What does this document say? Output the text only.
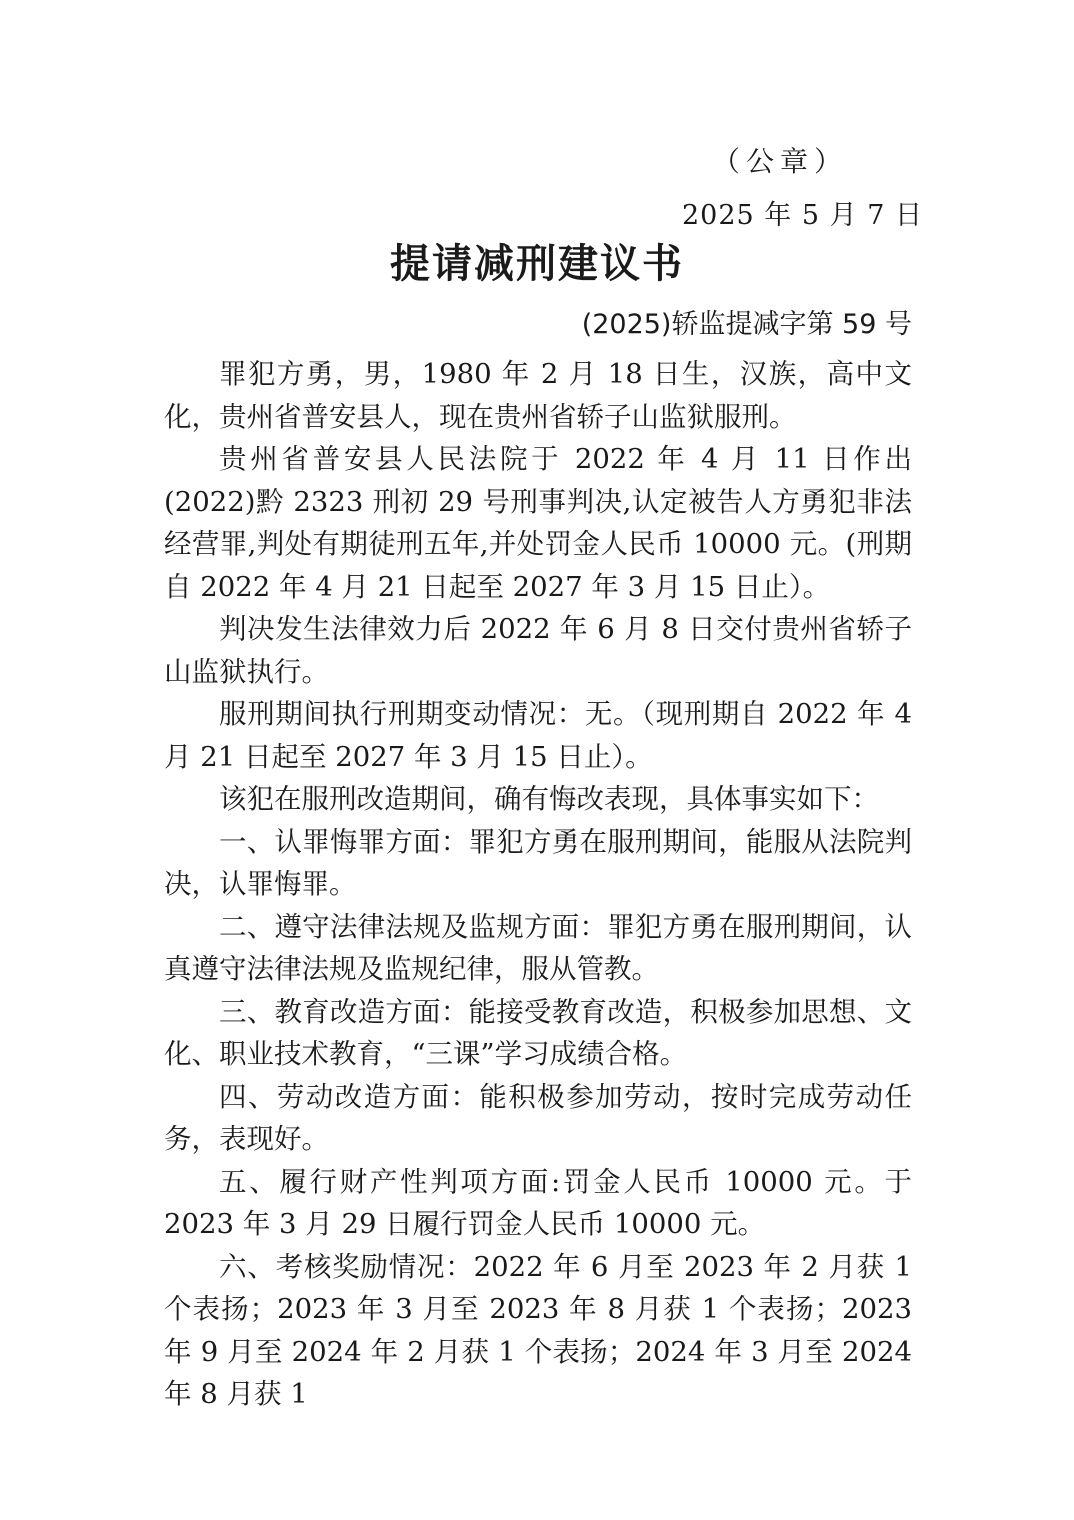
（公章）
2025 年 5 月 7 日
提请减刑建议书
(2025)轿监提减字第 59 号

罪犯方勇，男，1980 年 2 月 18 日生，汉族，高中文化，贵州省普安县人，现在贵州省轿子山监狱服刑。

贵州省普安县人民法院于 2022 年 4 月 11 日作出(2022)黔 2323 刑初 29 号刑事判决,认定被告人方勇犯非法经营罪,判处有期徒刑五年,并处罚金人民币 10000 元。(刑期自 2022 年 4 月 21 日起至 2027 年 3 月 15 日止）。

判决发生法律效力后 2022 年 6 月 8 日交付贵州省轿子山监狱执行。

服刑期间执行刑期变动情况：无。（现刑期自 2022 年 4 月 21 日起至 2027 年 3 月 15 日止）。

该犯在服刑改造期间，确有悔改表现，具体事实如下：

一、认罪悔罪方面：罪犯方勇在服刑期间，能服从法院判决，认罪悔罪。

二、遵守法律法规及监规方面：罪犯方勇在服刑期间，认真遵守法律法规及监规纪律，服从管教。

三、教育改造方面：能接受教育改造，积极参加思想、文化、职业技术教育，“三课”学习成绩合格。

四、劳动改造方面：能积极参加劳动，按时完成劳动任务，表现好。

五、履行财产性判项方面:罚金人民币 10000 元。于 2023 年 3 月 29 日履行罚金人民币 10000 元。

六、考核奖励情况：2022 年 6 月至 2023 年 2 月获 1 个表扬；2023 年 3 月至 2023 年 8 月获 1 个表扬；2023 年 9 月至 2024 年 2 月获 1 个表扬；2024 年 3 月至 2024 年 8 月获 1
